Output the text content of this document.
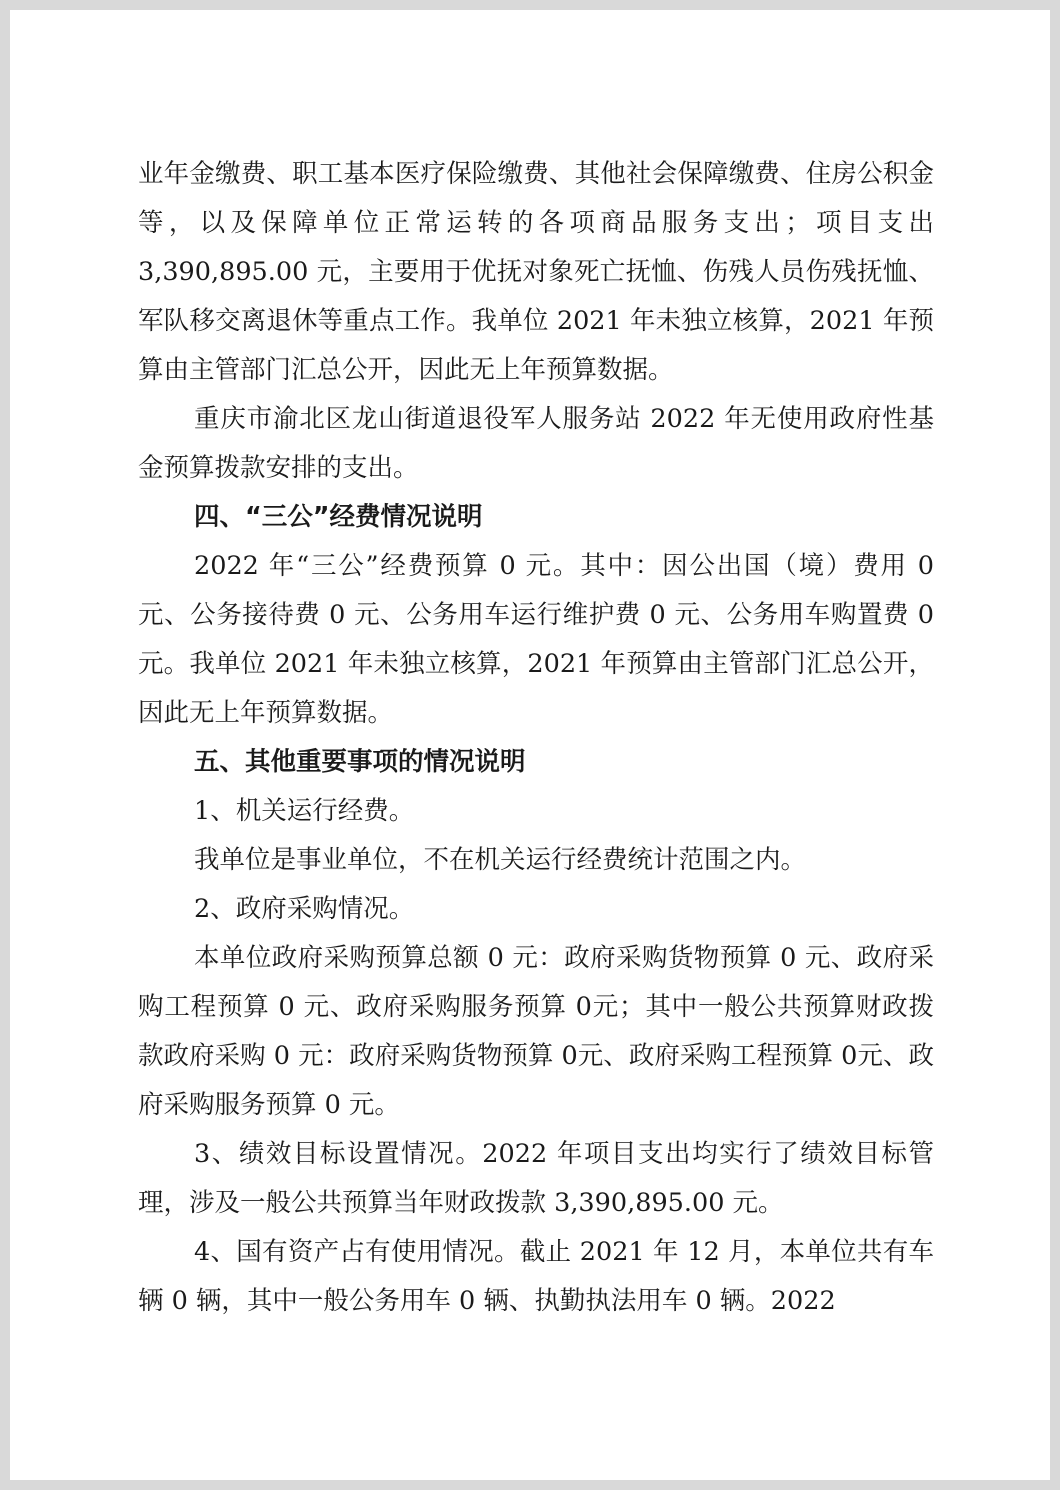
业年金缴费、职工基本医疗保险缴费、其他社会保障缴费、住房公积金等，以及保障单位正常运转的各项商品服务支出；项目支出 3,390,895.00 元，主要用于优抚对象死亡抚恤、伤残人员伤残抚恤、军队移交离退休等重点工作。我单位 2021 年未独立核算，2021 年预算由主管部门汇总公开，因此无上年预算数据。

重庆市渝北区龙山街道退役军人服务站 2022 年无使用政府性基金预算拨款安排的支出。

四、“三公”经费情况说明

2022 年“三公”经费预算 0 元。其中：因公出国（境）费用 0 元、公务接待费 0 元、公务用车运行维护费 0 元、公务用车购置费 0 元。我单位 2021 年未独立核算，2021 年预算由主管部门汇总公开，因此无上年预算数据。

五、其他重要事项的情况说明

1、机关运行经费。

我单位是事业单位，不在机关运行经费统计范围之内。

2、政府采购情况。

本单位政府采购预算总额 0 元：政府采购货物预算 0 元、政府采购工程预算 0 元、政府采购服务预算 0元；其中一般公共预算财政拨款政府采购 0 元：政府采购货物预算 0元、政府采购工程预算 0元、政府采购服务预算 0 元。

3、绩效目标设置情况。2022 年项目支出均实行了绩效目标管理，涉及一般公共预算当年财政拨款 3,390,895.00 元。

4、国有资产占有使用情况。截止 2021 年 12 月，本单位共有车辆 0 辆，其中一般公务用车 0 辆、执勤执法用车 0 辆。2022
